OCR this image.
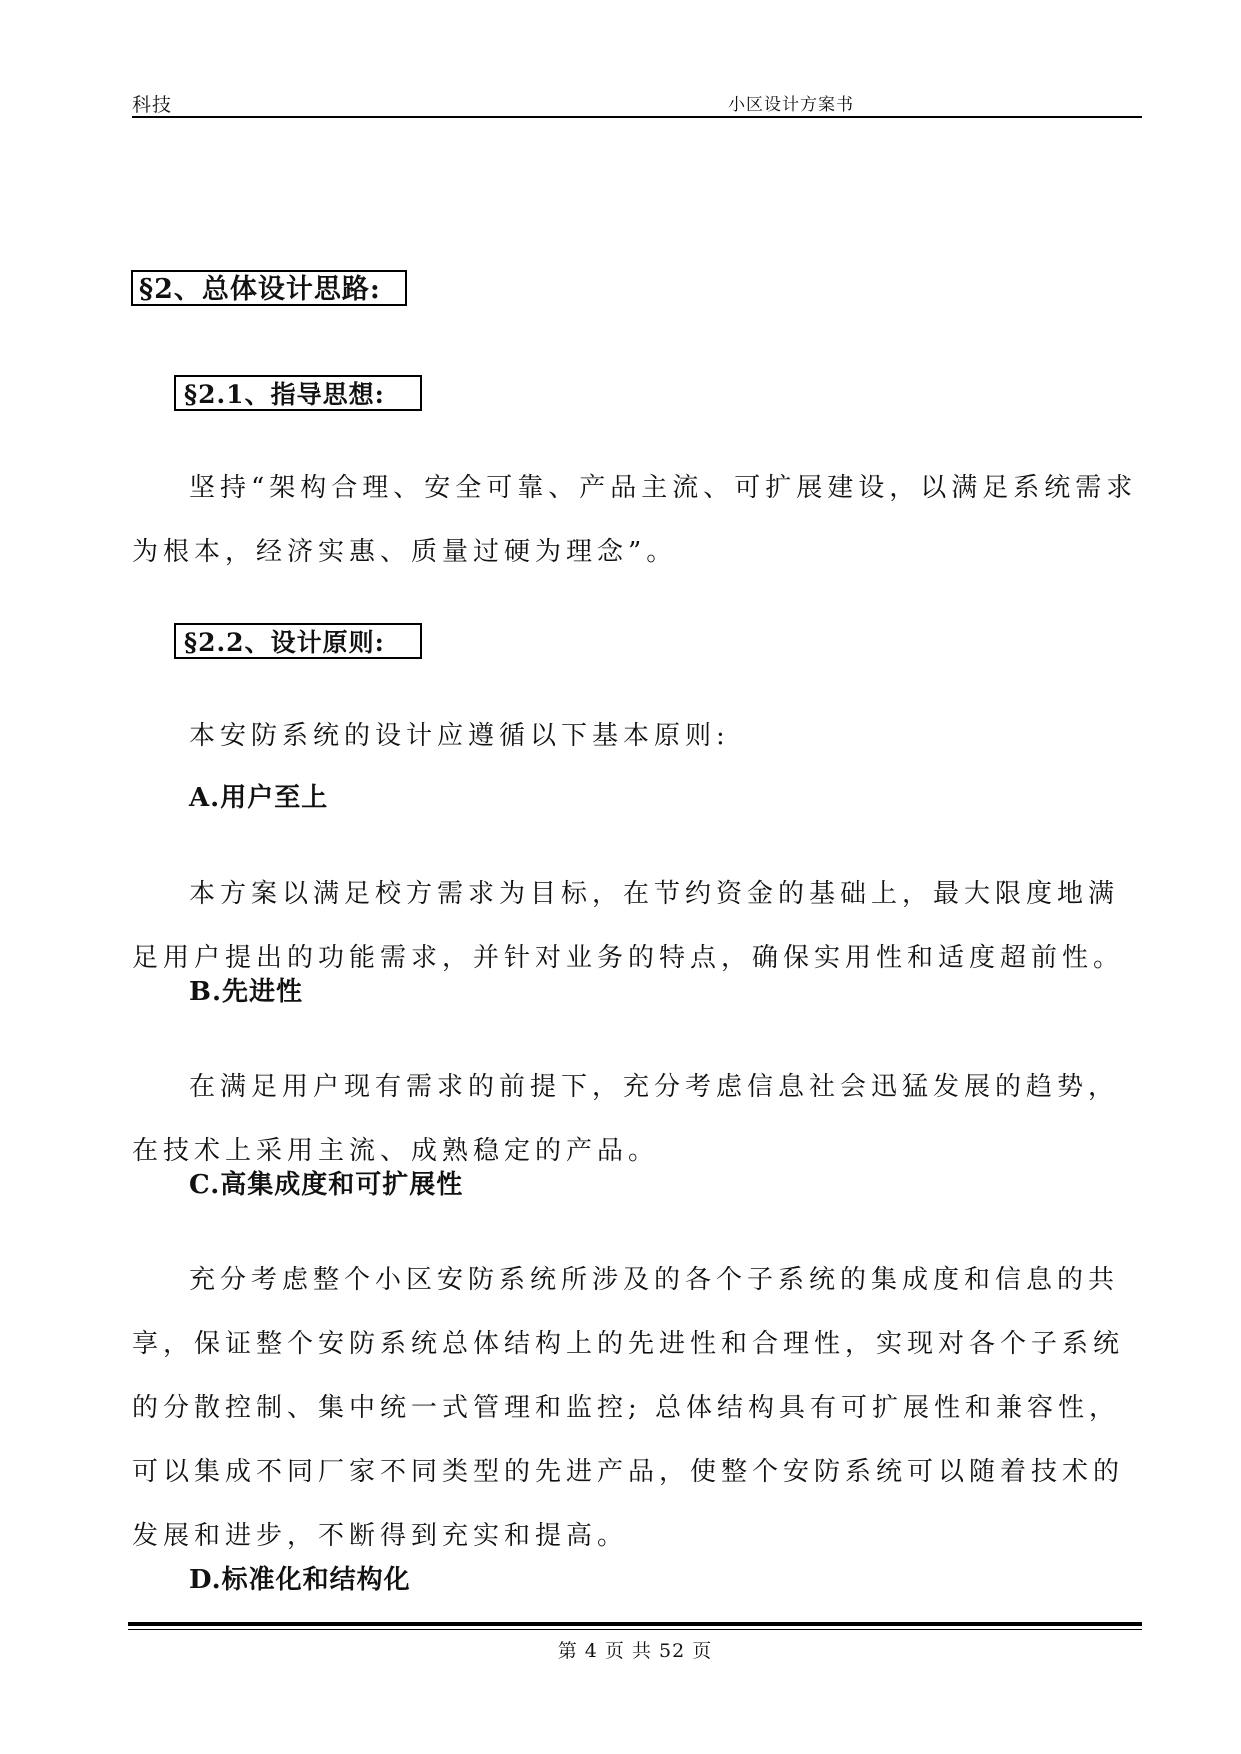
科技	小区设计方案书
§2、总体设计思路:
§2.1、指导思想:

坚持“架构合理、安全可靠、产品主流、可扩展建设，以满足系统需求为根本，经济实惠、质量过硬为理念”。

§2.2、设计原则:

本安防系统的设计应遵循以下基本原则:

A.用户至上

本方案以满足校方需求为目标，在节约资金的基础上，最大限度地满足用户提出的功能需求，并针对业务的特点，确保实用性和适度超前性。

B.先进性

在满足用户现有需求的前提下，充分考虑信息社会迅猛发展的趋势，在技术上采用主流、成熟稳定的产品。

C.高集成度和可扩展性

充分考虑整个小区安防系统所涉及的各个子系统的集成度和信息的共享，保证整个安防系统总体结构上的先进性和合理性，实现对各个子系统的分散控制、集中统一式管理和监控; 总体结构具有可扩展性和兼容性，可以集成不同厂家不同类型的先进产品，使整个安防系统可以随着技术的发展和进步，不断得到充实和提高。

D.标准化和结构化
第 4 页 共 52 页
